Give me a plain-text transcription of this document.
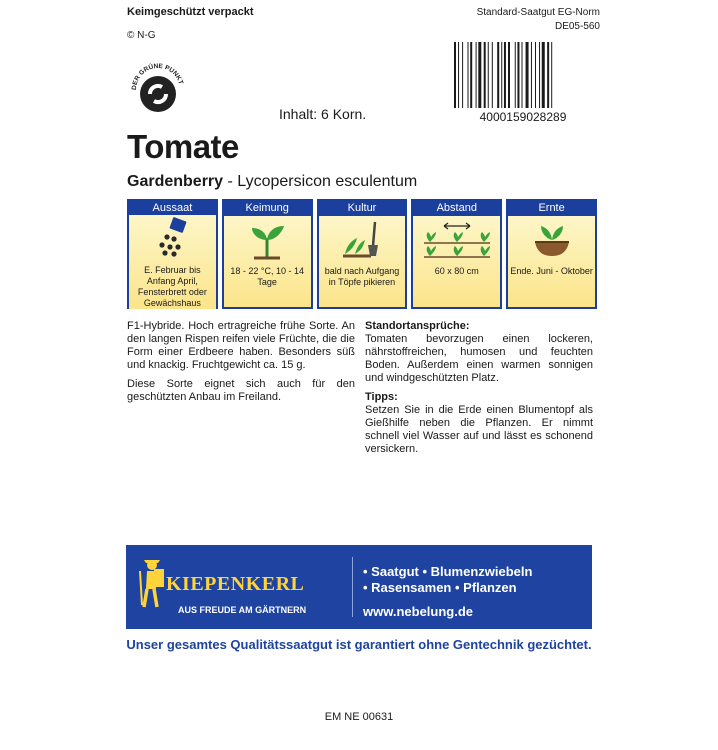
Keimgeschützt verpackt
© N-G
Standard-Saatgut EG-Norm
DE05-560
4000159028289
DER GRÜNE PUNKT
Inhalt: 6 Korn.
Tomate
Gardenberry - Lycopersicon esculentum
Aussaat
E. Februar bis Anfang April, Fensterbrett oder Gewächshaus
Keimung
18 - 22 °C, 10 - 14 Tage
Kultur
bald nach Aufgang in Töpfe pikieren
Abstand
60 x 80 cm
Ernte
Ende. Juni - Oktober

F1-Hybride. Hoch ertragreiche frühe Sorte. An den langen Rispen reifen viele Früchte, die die Form einer Erdbeere haben. Besonders süß und knackig. Fruchtgewicht ca. 15 g.

Diese Sorte eignet sich auch für den geschützten Anbau im Freiland.

Standortansprüche:

Tomaten bevorzugen einen lockeren, nährstoffreichen, humosen und feuchten Boden. Außerdem einen warmen sonnigen und windgeschützten Platz.

Tipps:

Setzen Sie in die Erde einen Blumentopf als Gießhilfe neben die Pflanzen. Er nimmt schnell viel Wasser auf und lässt es schonend versickern.

KIEPENKERL
AUS FREUDE AM GÄRTNERN
• Saatgut • Blumenzwiebeln
• Rasensamen • Pflanzen
www.nebelung.de
Unser gesamtes Qualitätssaatgut ist garantiert ohne Gentechnik gezüchtet.
EM NE 00631
